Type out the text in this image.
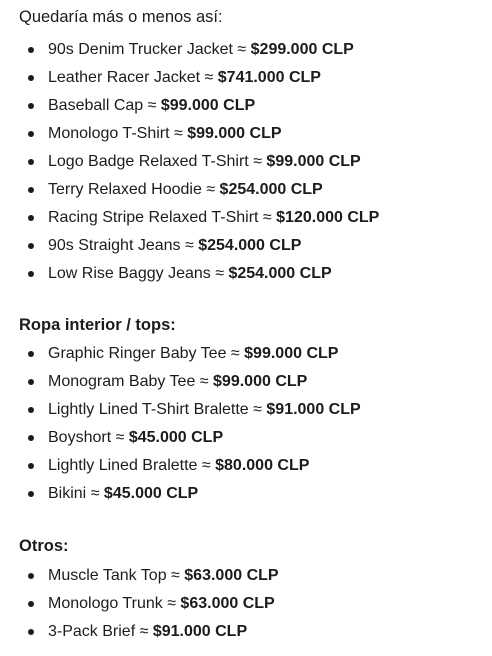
Quedaría más o menos así:
90s Denim Trucker Jacket ≈ $299.000 CLP
Leather Racer Jacket ≈ $741.000 CLP
Baseball Cap ≈ $99.000 CLP
Monologo T-Shirt ≈ $99.000 CLP
Logo Badge Relaxed T-Shirt ≈ $99.000 CLP
Terry Relaxed Hoodie ≈ $254.000 CLP
Racing Stripe Relaxed T-Shirt ≈ $120.000 CLP
90s Straight Jeans ≈ $254.000 CLP
Low Rise Baggy Jeans ≈ $254.000 CLP
Ropa interior / tops:
Graphic Ringer Baby Tee ≈ $99.000 CLP
Monogram Baby Tee ≈ $99.000 CLP
Lightly Lined T-Shirt Bralette ≈ $91.000 CLP
Boyshort ≈ $45.000 CLP
Lightly Lined Bralette ≈ $80.000 CLP
Bikini ≈ $45.000 CLP
Otros:
Muscle Tank Top ≈ $63.000 CLP
Monologo Trunk ≈ $63.000 CLP
3-Pack Brief ≈ $91.000 CLP
